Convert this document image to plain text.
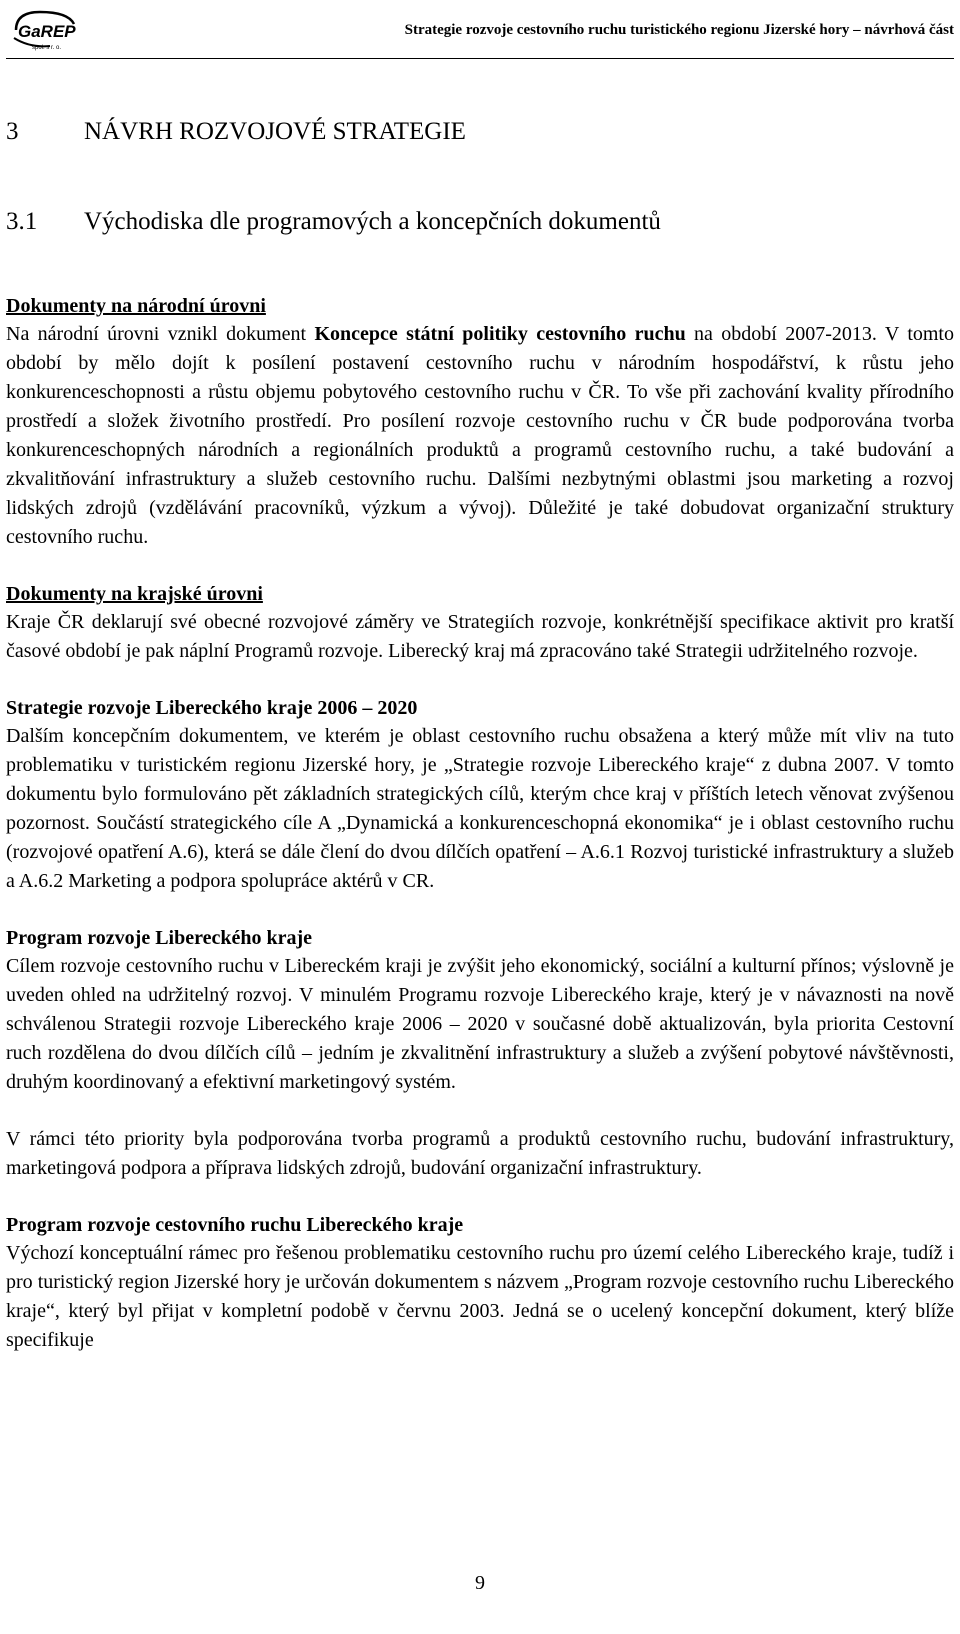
GaREP
spol. s r. o.
Strategie rozvoje cestovního ruchu turistického regionu Jizerské hory – návrhová část
3	NÁVRH ROZVOJOVÉ STRATEGIE
3.1 Východiska dle programových a koncepčních dokumentů

Dokumenty na národní úrovni

Na národní úrovni vznikl dokument Koncepce státní politiky cestovního ruchu na období 2007-2013. V tomto období by mělo dojít k posílení postavení cestovního ruchu v národním hospodářství, k růstu jeho konkurenceschopnosti a růstu objemu pobytového cestovního ruchu v ČR. To vše při zachování kvality přírodního prostředí a složek životního prostředí. Pro posílení rozvoje cestovního ruchu v ČR bude podporována tvorba konkurenceschopných národních a regionálních produktů a programů cestovního ruchu, a také budování a zkvalitňování infrastruktury a služeb cestovního ruchu. Dalšími nezbytnými oblastmi jsou marketing a rozvoj lidských zdrojů (vzdělávání pracovníků, výzkum a vývoj). Důležité je také dobudovat organizační struktury cestovního ruchu.

Dokumenty na krajské úrovni

Kraje ČR deklarují své obecné rozvojové záměry ve Strategiích rozvoje, konkrétnější specifikace aktivit pro kratší časové období je pak náplní Programů rozvoje. Liberecký kraj má zpracováno také Strategii udržitelného rozvoje.

Strategie rozvoje Libereckého kraje 2006 – 2020

Dalším koncepčním dokumentem, ve kterém je oblast cestovního ruchu obsažena a který může mít vliv na tuto problematiku v turistickém regionu Jizerské hory, je „Strategie rozvoje Libereckého kraje“ z dubna 2007. V tomto dokumentu bylo formulováno pět základních strategických cílů, kterým chce kraj v příštích letech věnovat zvýšenou pozornost. Součástí strategického cíle A „Dynamická a konkurenceschopná ekonomika“ je i oblast cestovního ruchu (rozvojové opatření A.6), která se dále člení do dvou dílčích opatření – A.6.1 Rozvoj turistické infrastruktury a služeb a A.6.2 Marketing a podpora spolupráce aktérů v CR.

Program rozvoje Libereckého kraje

Cílem rozvoje cestovního ruchu v Libereckém kraji je zvýšit jeho ekonomický, sociální a kulturní přínos; výslovně je uveden ohled na udržitelný rozvoj. V minulém Programu rozvoje Libereckého kraje, který je v návaznosti na nově schválenou Strategii rozvoje Libereckého kraje 2006 – 2020 v současné době aktualizován, byla priorita Cestovní ruch rozdělena do dvou dílčích cílů – jedním je zkvalitnění infrastruktury a služeb a zvýšení pobytové návštěvnosti, druhým koordinovaný a efektivní marketingový systém.

V rámci této priority byla podporována tvorba programů a produktů cestovního ruchu, budování infrastruktury, marketingová podpora a příprava lidských zdrojů, budování organizační infrastruktury.

Program rozvoje cestovního ruchu Libereckého kraje

Výchozí konceptuální rámec pro řešenou problematiku cestovního ruchu pro území celého Libereckého kraje, tudíž i pro turistický region Jizerské hory je určován dokumentem s názvem „Program rozvoje cestovního ruchu Libereckého kraje“, který byl přijat v kompletní podobě v červnu 2003. Jedná se o ucelený koncepční dokument, který blíže specifikuje

9
